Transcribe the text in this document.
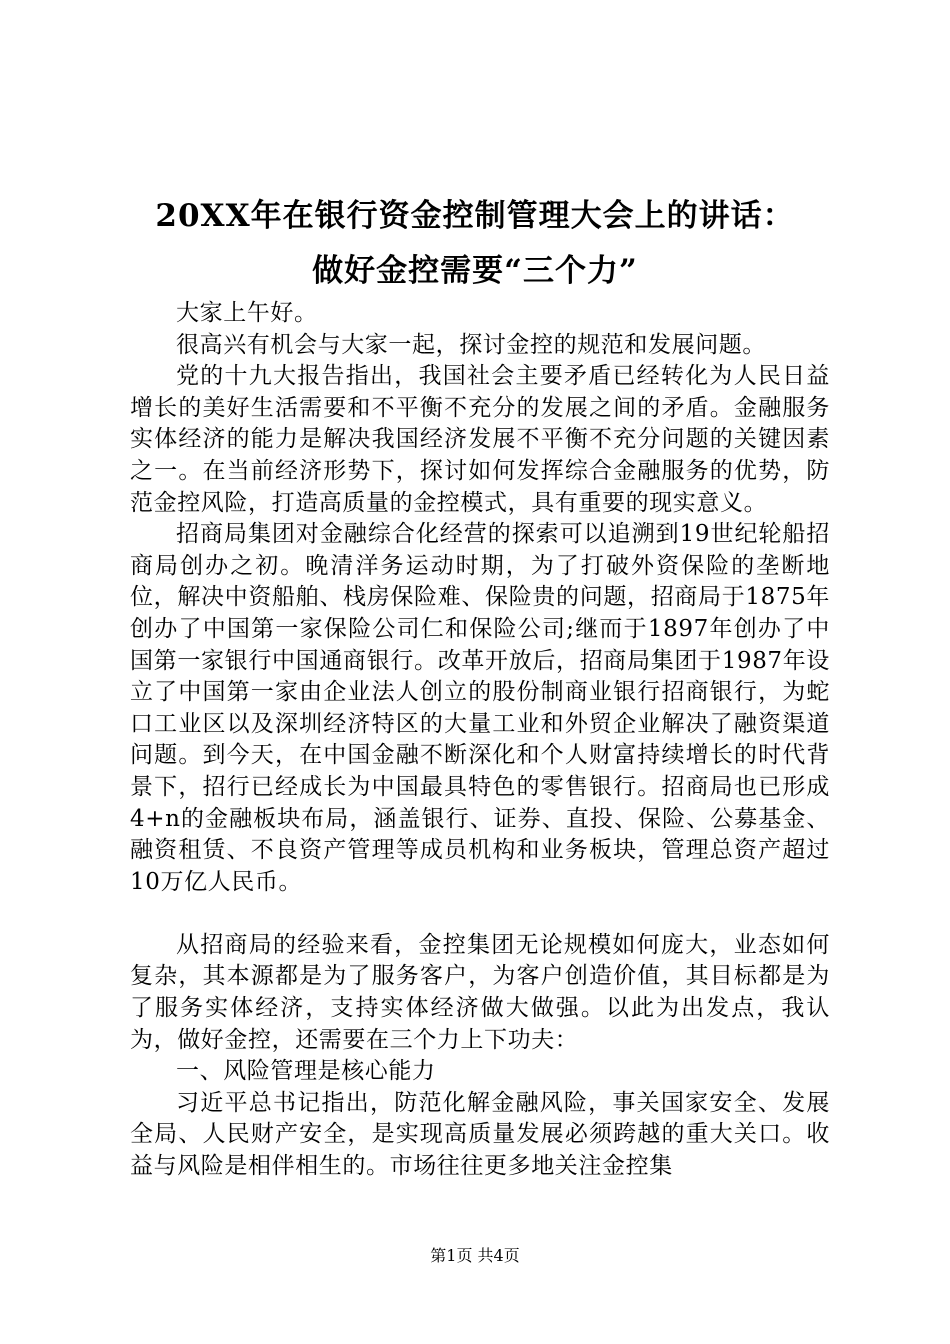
20XX年在银行资金控制管理大会上的讲话：
做好金控需要“三个力”

大家上午好。

很高兴有机会与大家一起，探讨金控的规范和发展问题。

党的十九大报告指出，我国社会主要矛盾已经转化为人民日益增长的美好生活需要和不平衡不充分的发展之间的矛盾。金融服务实体经济的能力是解决我国经济发展不平衡不充分问题的关键因素之一。在当前经济形势下，探讨如何发挥综合金融服务的优势，防范金控风险，打造高质量的金控模式，具有重要的现实意义。

招商局集团对金融综合化经营的探索可以追溯到19世纪轮船招商局创办之初。晚清洋务运动时期，为了打破外资保险的垄断地位，解决中资船舶、栈房保险难、保险贵的问题，招商局于1875年创办了中国第一家保险公司仁和保险公司;继而于1897年创办了中国第一家银行中国通商银行。改革开放后，招商局集团于1987年设立了中国第一家由企业法人创立的股份制商业银行招商银行，为蛇口工业区以及深圳经济特区的大量工业和外贸企业解决了融资渠道问题。到今天，在中国金融不断深化和个人财富持续增长的时代背景下，招行已经成长为中国最具特色的零售银行。招商局也已形成4+n的金融板块布局，涵盖银行、证券、直投、保险、公募基金、融资租赁、不良资产管理等成员机构和业务板块，管理总资产超过10万亿人民币。

从招商局的经验来看，金控集团无论规模如何庞大，业态如何复杂，其本源都是为了服务客户，为客户创造价值，其目标都是为了服务实体经济，支持实体经济做大做强。以此为出发点，我认为，做好金控，还需要在三个力上下功夫：

一、风险管理是核心能力

习近平总书记指出，防范化解金融风险，事关国家安全、发展全局、人民财产安全，是实现高质量发展必须跨越的重大关口。收益与风险是相伴相生的。市场往往更多地关注金控集

第1页 共4页
